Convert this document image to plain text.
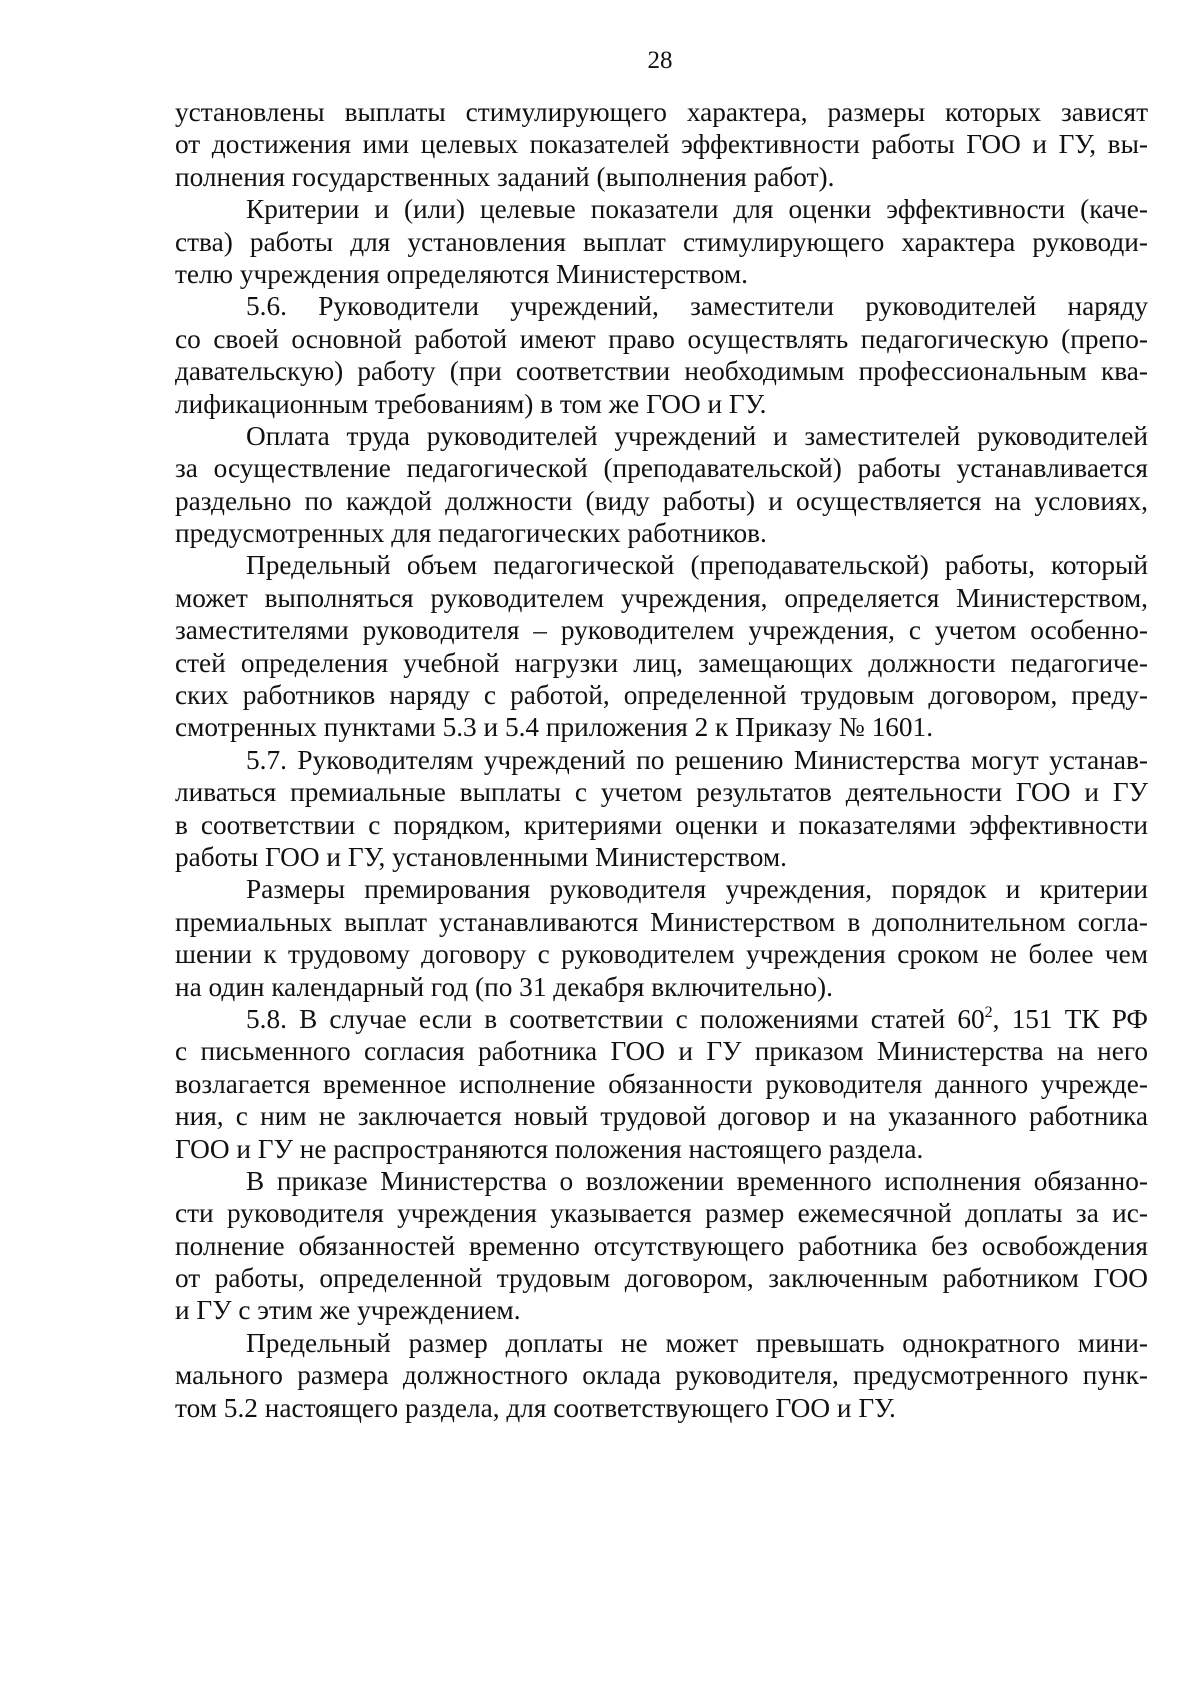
28
установлены выплаты стимулирующего характера, размеры которых зависят
от достижения ими целевых показателей эффективности работы ГОО и ГУ, вы-
полнения государственных заданий (выполнения работ).
Критерии и (или) целевые показатели для оценки эффективности (каче-
ства) работы для установления выплат стимулирующего характера руководи-
телю учреждения определяются Министерством.
5.6. Руководители учреждений, заместители руководителей наряду
со своей основной работой имеют право осуществлять педагогическую (препо-
давательскую) работу (при соответствии необходимым профессиональным ква-
лификационным требованиям) в том же ГОО и ГУ.
Оплата труда руководителей учреждений и заместителей руководителей
за осуществление педагогической (преподавательской) работы устанавливается
раздельно по каждой должности (виду работы) и осуществляется на условиях,
предусмотренных для педагогических работников.
Предельный объем педагогической (преподавательской) работы, который
может выполняться руководителем учреждения, определяется Министерством,
заместителями руководителя – руководителем учреждения, с учетом особенно-
стей определения учебной нагрузки лиц, замещающих должности педагогиче-
ских работников наряду с работой, определенной трудовым договором, преду-
смотренных пунктами 5.3 и 5.4 приложения 2 к Приказу № 1601.
5.7. Руководителям учреждений по решению Министерства могут устанав-
ливаться премиальные выплаты с учетом результатов деятельности ГОО и ГУ
в соответствии с порядком, критериями оценки и показателями эффективности
работы ГОО и ГУ, установленными Министерством.
Размеры премирования руководителя учреждения, порядок и критерии
премиальных выплат устанавливаются Министерством в дополнительном согла-
шении к трудовому договору с руководителем учреждения сроком не более чем
на один календарный год (по 31 декабря включительно).
5.8. В случае если в соответствии с положениями статей $60^2$, 151 ТК РФ
с письменного согласия работника ГОО и ГУ приказом Министерства на него
возлагается временное исполнение обязанности руководителя данного учрежде-
ния, с ним не заключается новый трудовой договор и на указанного работника
ГОО и ГУ не распространяются положения настоящего раздела.
В приказе Министерства о возложении временного исполнения обязанно-
сти руководителя учреждения указывается размер ежемесячной доплаты за ис-
полнение обязанностей временно отсутствующего работника без освобождения
от работы, определенной трудовым договором, заключенным работником ГОО
и ГУ с этим же учреждением.
Предельный размер доплаты не может превышать однократного мини-
мального размера должностного оклада руководителя, предусмотренного пунк-
том 5.2 настоящего раздела, для соответствующего ГОО и ГУ.
